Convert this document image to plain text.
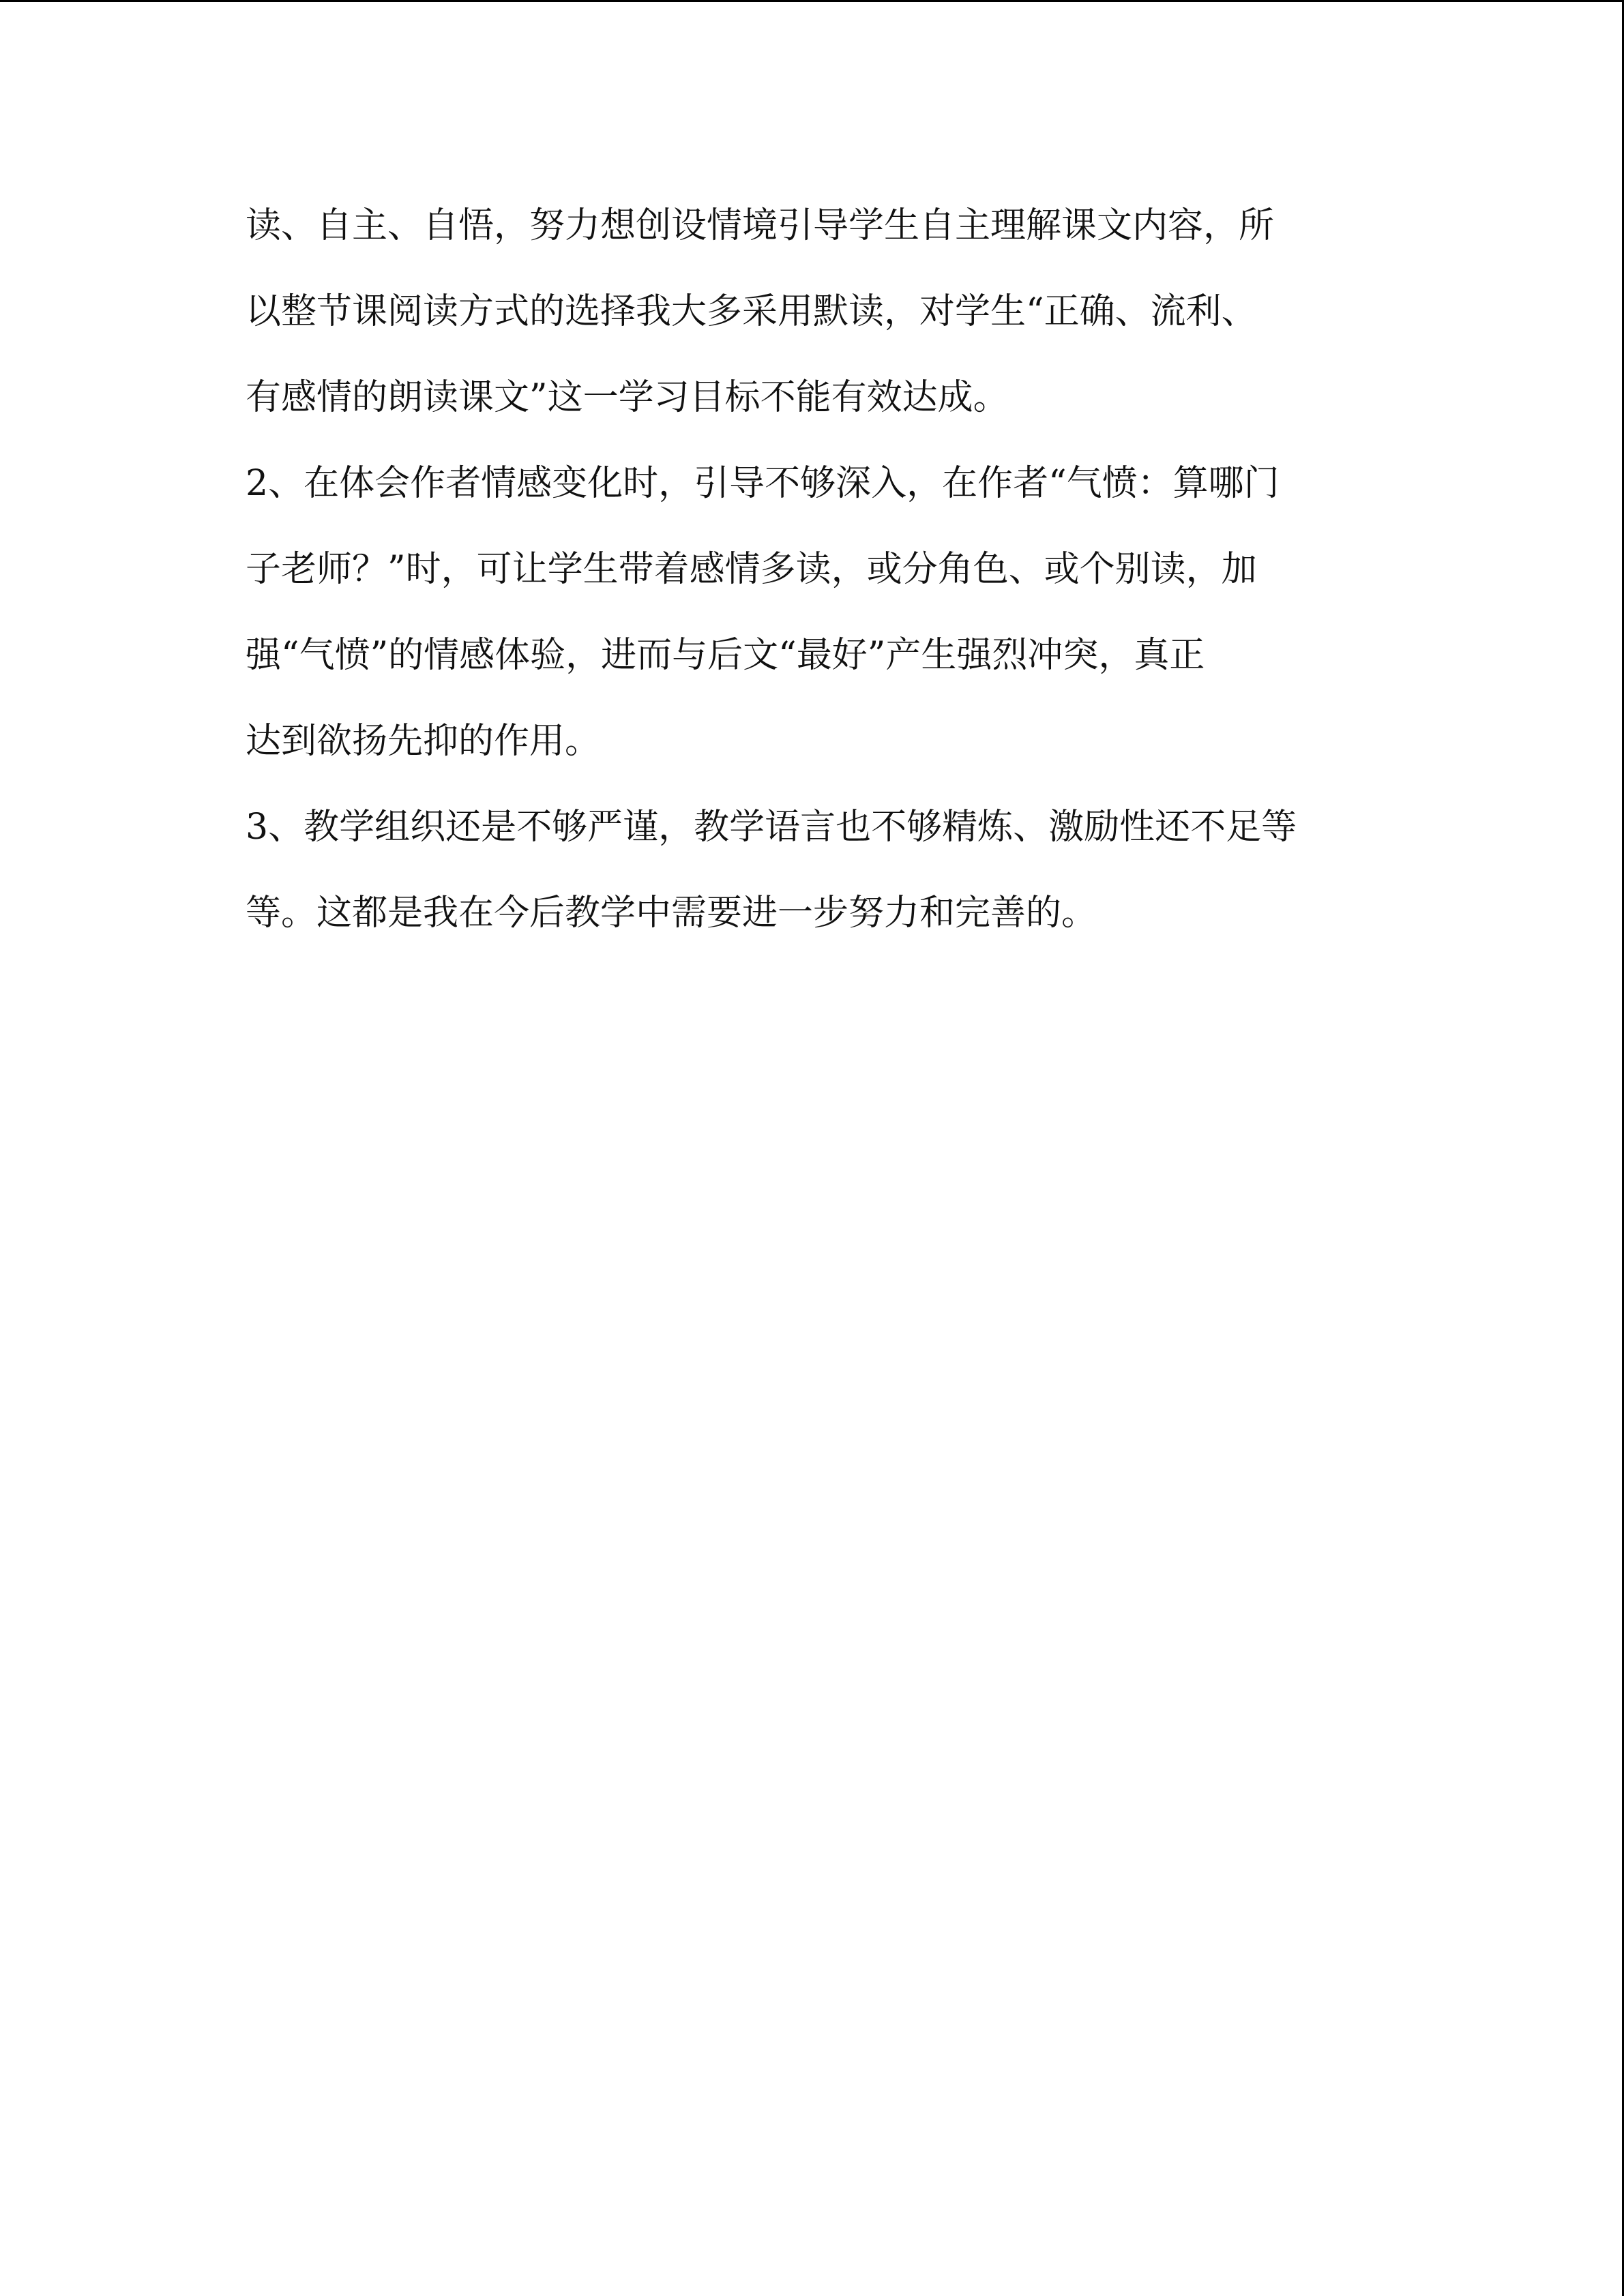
读、自主、自悟，努力想创设情境引导学生自主理解课文内容，所
以整节课阅读方式的选择我大多采用默读，对学生“正确、流利、
有感情的朗读课文”这一学习目标不能有效达成。
2、在体会作者情感变化时，引导不够深入，在作者“气愤：算哪门
子老师？”时，可让学生带着感情多读，或分角色、或个别读，加
强“气愤”的情感体验，进而与后文“最好”产生强烈冲突，真正
达到欲扬先抑的作用。
3、教学组织还是不够严谨，教学语言也不够精炼、激励性还不足等
等。这都是我在今后教学中需要进一步努力和完善的。
